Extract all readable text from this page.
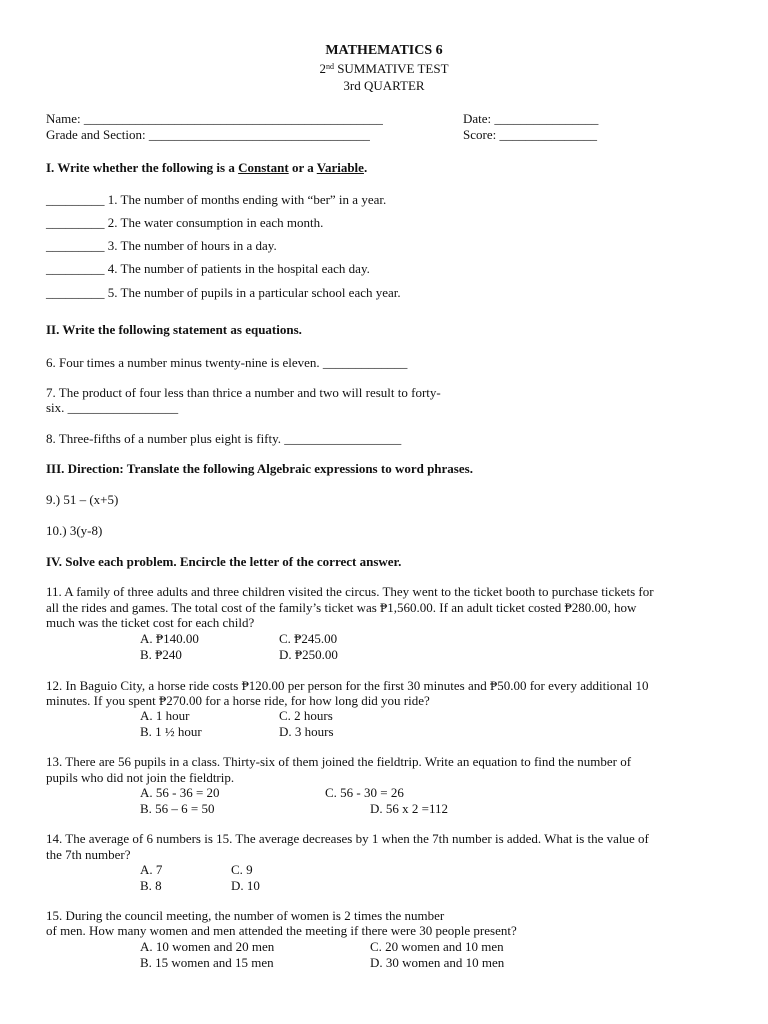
MATHEMATICS 6
2nd SUMMATIVE TEST
3rd QUARTER
Name: ______________________________________________	Date: ________________
Grade and Section: __________________________________	Score: _______________
I. Write whether the following is a Constant or a Variable.
_________ 1. The number of months ending with “ber” in a year.
_________ 2. The water consumption in each month.
_________ 3. The number of hours in a day.
_________ 4. The number of patients in the hospital each day.
_________ 5. The number of pupils in a particular school each year.
II. Write the following statement as equations.
6. Four times a number minus twenty-nine is eleven. _____________
7. The product of four less than thrice a number and two will result to forty-
six. _________________
8. Three-fifths of a number plus eight is fifty. __________________
III. Direction: Translate the following Algebraic expressions to word phrases.
9.) 51 – (x+5)
10.) 3(y-8)
IV. Solve each problem. Encircle the letter of the correct answer.
11. A family of three adults and three children visited the circus. They went to the ticket booth to purchase tickets for
all the rides and games. The total cost of the family’s ticket was ₱1,560.00. If an adult ticket costed ₱280.00, how
much was the ticket cost for each child?
A. ₱140.00	C. ₱245.00
B. ₱240	D. ₱250.00
12. In Baguio City, a horse ride costs ₱120.00 per person for the first 30 minutes and ₱50.00 for every additional 10
minutes. If you spent ₱270.00 for a horse ride, for how long did you ride?
A. 1 hour	C. 2 hours
B. 1 ½ hour	D. 3 hours
13. There are 56 pupils in a class. Thirty-six of them joined the fieldtrip. Write an equation to find the number of
pupils who did not join the fieldtrip.
A. 56 - 36 = 20	C. 56 - 30 = 26
B. 56 – 6 = 50	D. 56 x 2 =112
14. The average of 6 numbers is 15. The average decreases by 1 when the 7th number is added. What is the value of
the 7th number?
A. 7	C. 9
B. 8	D. 10
15. During the council meeting, the number of women is 2 times the number
of men. How many women and men attended the meeting if there were 30 people present?
A. 10 women and 20 men	C. 20 women and 10 men
B. 15 women and 15 men	D. 30 women and 10 men
